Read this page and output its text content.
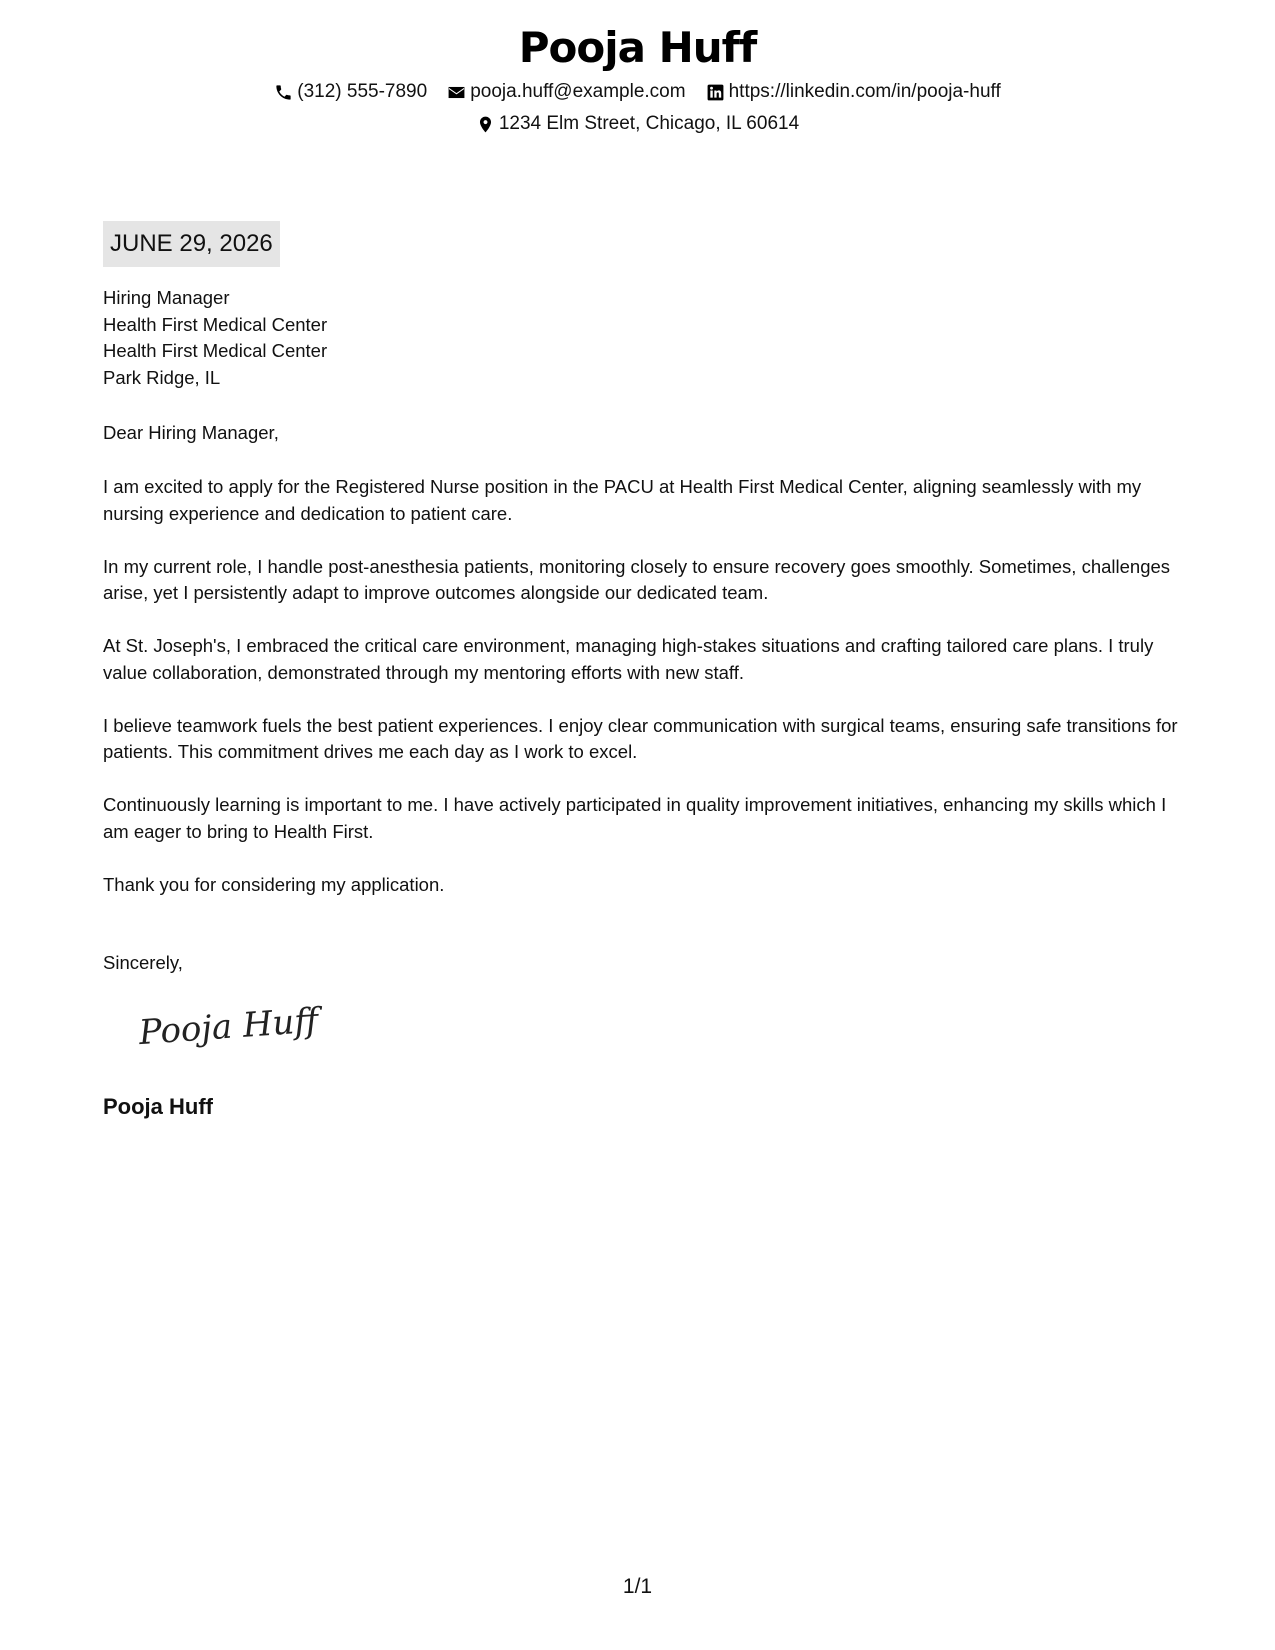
Pooja Huff
(312) 555-7890 pooja.huff@example.com https://linkedin.com/in/pooja-huff
1234 Elm Street, Chicago, IL 60614
JUNE 29, 2026
Hiring Manager
Health First Medical Center
Health First Medical Center
Park Ridge, IL
Dear Hiring Manager,

I am excited to apply for the Registered Nurse position in the PACU at Health First Medical Center, aligning seamlessly with my nursing experience and dedication to patient care.

In my current role, I handle post-anesthesia patients, monitoring closely to ensure recovery goes smoothly. Sometimes, challenges arise, yet I persistently adapt to improve outcomes alongside our dedicated team.

At St. Joseph's, I embraced the critical care environment, managing high-stakes situations and crafting tailored care plans. I truly value collaboration, demonstrated through my mentoring efforts with new staff.

I believe teamwork fuels the best patient experiences. I enjoy clear communication with surgical teams, ensuring safe transitions for patients. This commitment drives me each day as I work to excel.

Continuously learning is important to me. I have actively participated in quality improvement initiatives, enhancing my skills which I am eager to bring to Health First.

Thank you for considering my application.

Sincerely,
Pooja Huff
Pooja Huff
1/1
